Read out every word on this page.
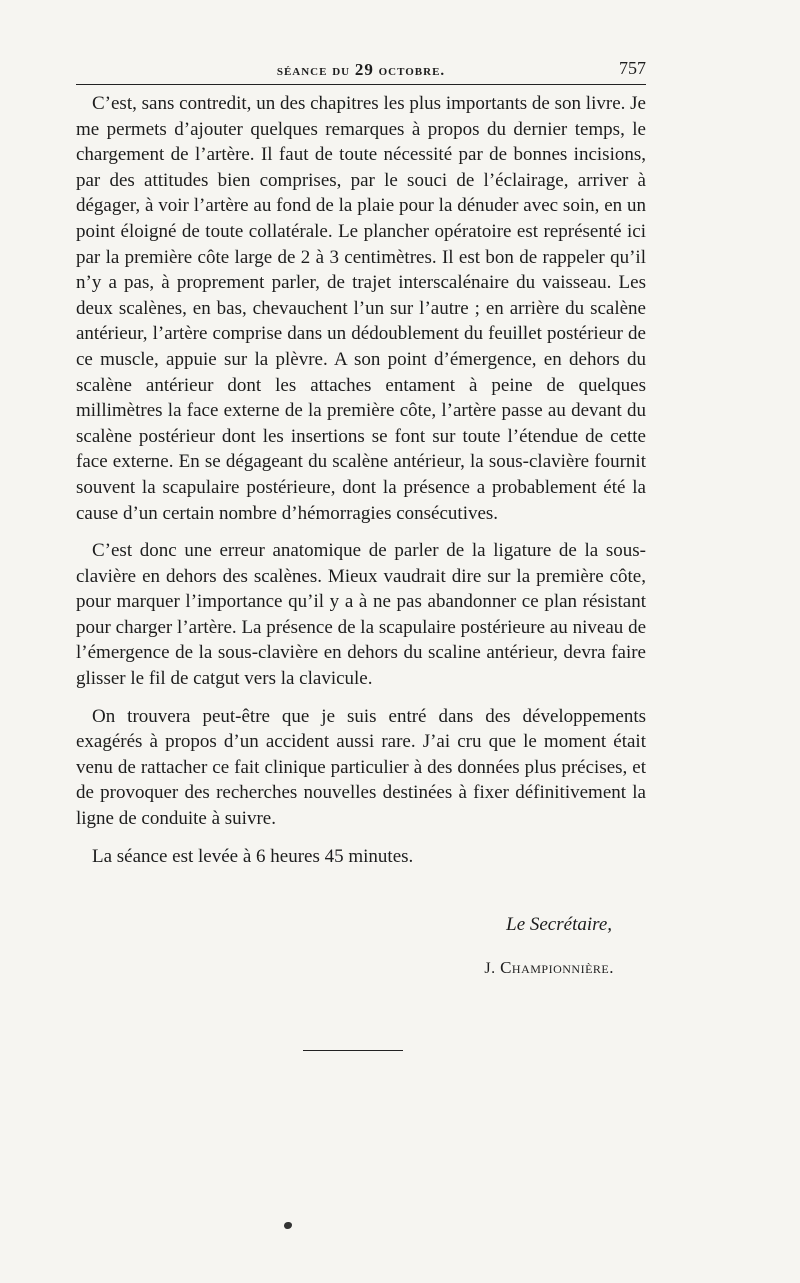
séance du 29 octobre.	757

C’est, sans contredit, un des chapitres les plus importants de son livre. Je me permets d’ajouter quelques remarques à propos du dernier temps, le chargement de l’artère. Il faut de toute nécessité par de bonnes incisions, par des attitudes bien comprises, par le souci de l’éclairage, arriver à dégager, à voir l’artère au fond de la plaie pour la dénuder avec soin, en un point éloigné de toute collatérale. Le plancher opératoire est représenté ici par la première côte large de 2 à 3 centimètres. Il est bon de rappeler qu’il n’y a pas, à proprement parler, de trajet interscalénaire du vaisseau. Les deux scalènes, en bas, chevauchent l’un sur l’autre ; en arrière du scalène antérieur, l’artère comprise dans un dédoublement du feuillet postérieur de ce muscle, appuie sur la plèvre. A son point d’émergence, en dehors du scalène antérieur dont les attaches entament à peine de quelques millimètres la face externe de la première côte, l’artère passe au devant du scalène postérieur dont les insertions se font sur toute l’étendue de cette face externe. En se dégageant du scalène antérieur, la sous-clavière fournit souvent la scapulaire postérieure, dont la présence a probablement été la cause d’un certain nombre d’hémorragies consécutives.

C’est donc une erreur anatomique de parler de la ligature de la sous-clavière en dehors des scalènes. Mieux vaudrait dire sur la première côte, pour marquer l’importance qu’il y a à ne pas abandonner ce plan résistant pour charger l’artère. La présence de la scapulaire postérieure au niveau de l’émergence de la sous-clavière en dehors du scaline antérieur, devra faire glisser le fil de catgut vers la clavicule.

On trouvera peut-être que je suis entré dans des développements exagérés à propos d’un accident aussi rare. J’ai cru que le moment était venu de rattacher ce fait clinique particulier à des données plus précises, et de provoquer des recherches nouvelles destinées à fixer définitivement la ligne de conduite à suivre.

La séance est levée à 6 heures 45 minutes.

Le Secrétaire,
J. Championnière.
